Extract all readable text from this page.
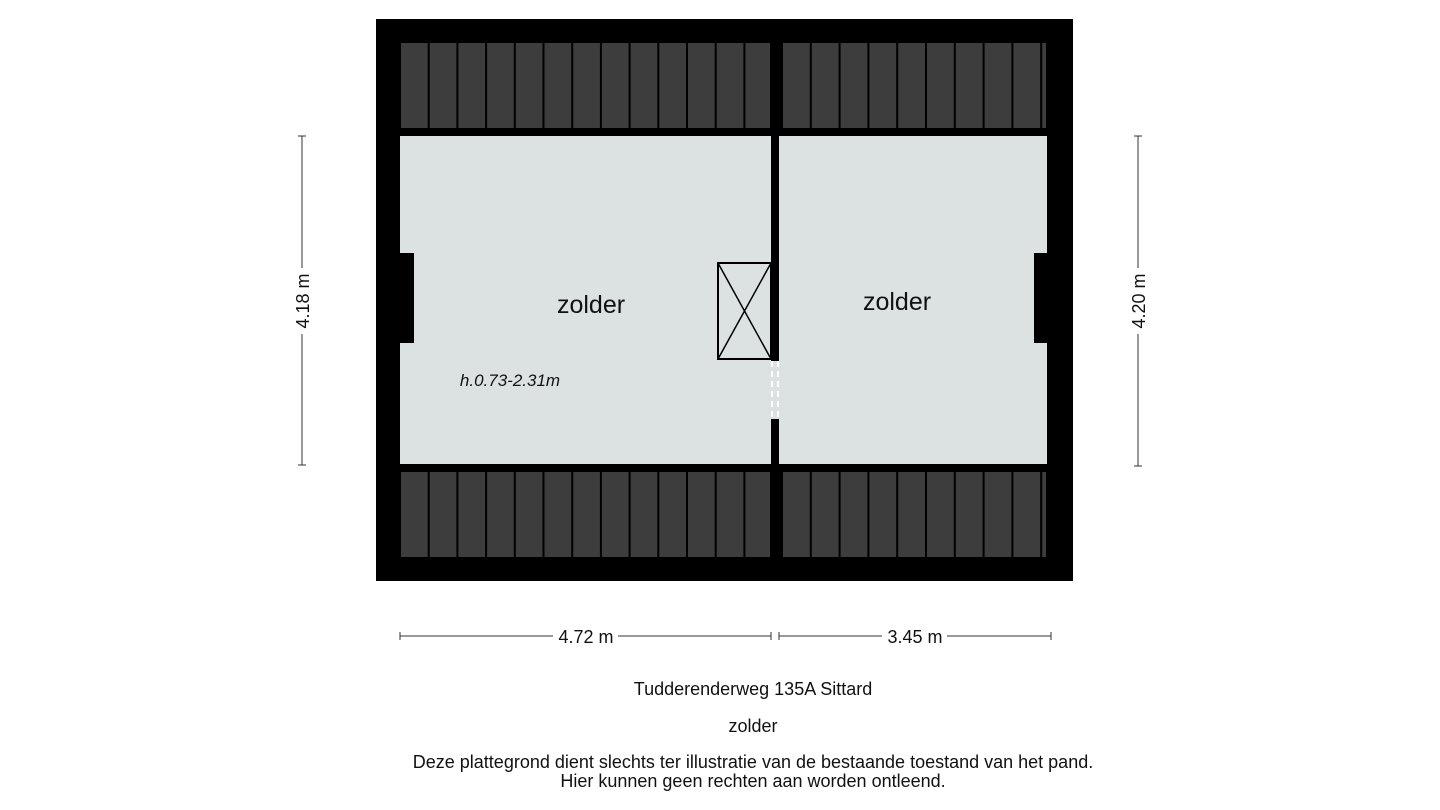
zolder
h.0.73-2.31m
zolder
4.18 m	4.20 m
4.72 m	3.45 m
Tudderenderweg 135A Sittard
zolder
Deze plattegrond dient slechts ter illustratie van de bestaande toestand van het pand.
Hier kunnen geen rechten aan worden ontleend.
